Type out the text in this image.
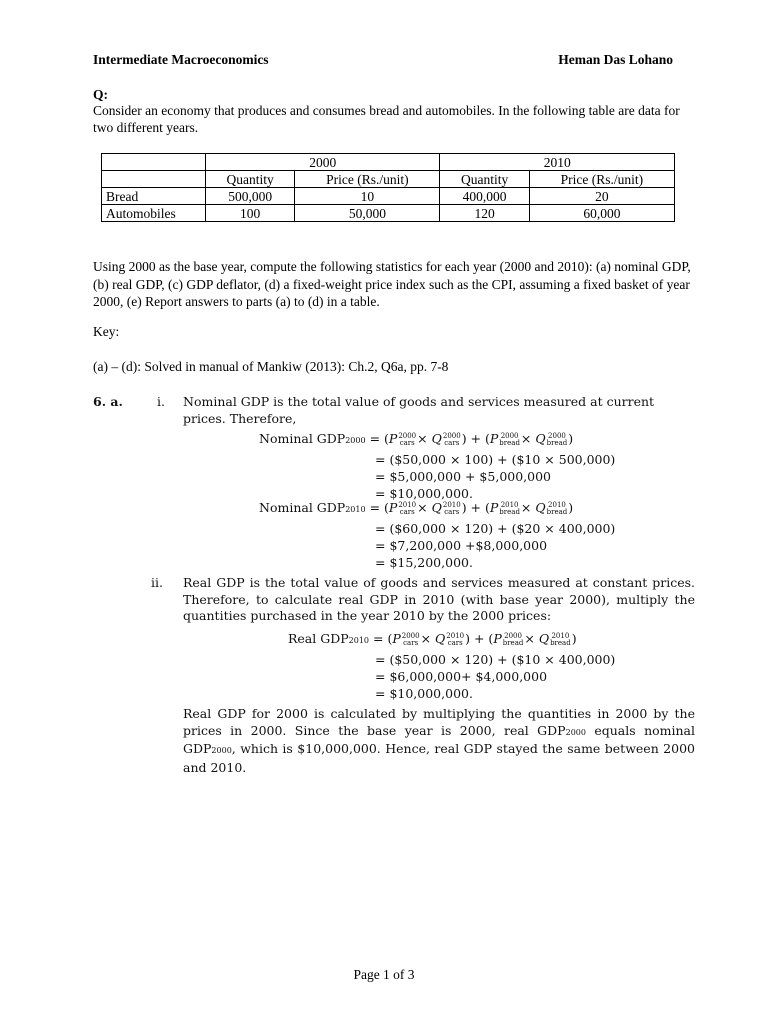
Intermediate Macroeconomics	Heman Das Lohano
Q:
Consider an economy that produces and consumes bread and automobiles. In the following table are data for two different years.
	2000		2010	
	Quantity	Price (Rs./unit)	Quantity	Price (Rs./unit)
Bread	500,000	10	400,000	20
Automobiles	100	50,000	120	60,000
Using 2000 as the base year, compute the following statistics for each year (2000 and 2010): (a) nominal GDP, (b) real GDP, (c) GDP deflator, (d) a fixed-weight price index such as the CPI, assuming a fixed basket of year 2000, (e) Report answers to parts (a) to (d) in a table.
Key:
(a) – (d): Solved in manual of Mankiw (2013): Ch.2, Q6a, pp. 7-8
6. a.	i. Nominal GDP is the total value of goods and services measured at current
prices. Therefore,
Nominal GDP2000 = (P2000
cars × Q2000
cars ) + (P 2000
bread× Q 2000
bread)
= ($50,000 × 100) + ($10 × 500,000)
= $5,000,000 + $5,000,000
= $10,000,000.
Nominal GDP2010 = (P2010
cars × Q2010
cars ) + (P 2010
bread× Q 2010
bread)
= ($60,000 × 120) + ($20 × 400,000)
= $7,200,000 +$8,000,000
= $15,200,000.
ii. Real GDP is the total value of goods and services measured at constant prices. Therefore, to calculate real GDP in 2010 (with base year 2000), multiply the quantities purchased in the year 2010 by the 2000 prices:
Real GDP2010 = (P2000
cars × Q2010
cars ) + (P 2000
bread× Q 2010
bread)
= ($50,000 × 120) + ($10 × 400,000)
= $6,000,000+ $4,000,000
= $10,000,000.
Real GDP for 2000 is calculated by multiplying the quantities in 2000 by the prices in 2000. Since the base year is 2000, real GDP2000 equals nominal GDP2000, which is $10,000,000. Hence, real GDP stayed the same between 2000 and 2010.
Page 1 of 3
